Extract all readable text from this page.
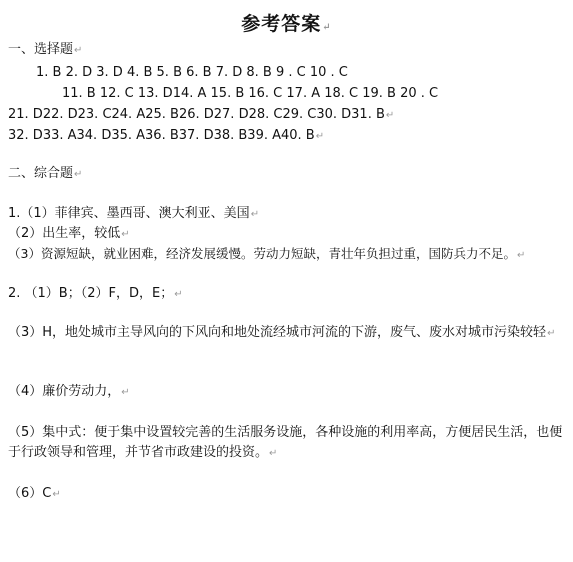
参考答案↵
一、选择题↵
1. B 2. D 3. D 4. B 5. B 6. B 7. D 8. B 9 . C 10 . C
11. B 12. C 13. D14. A 15. B 16. C 17. A 18. C 19. B 20 . C
21. D22. D23. C24. A25. B26. D27. D28. C29. C30. D31. B↵
32. D33. A34. D35. A36. B37. D38. B39. A40. B↵
二、综合题↵
1.（1）菲律宾、墨西哥、澳大利亚、美国↵
（2）出生率，较低↵
（3）资源短缺，就业困难，经济发展缓慢。劳动力短缺，青壮年负担过重，国防兵力不足。↵
2. （1）B；（2）F，D，E；↵
（3）H，地处城市主导风向的下风向和地处流经城市河流的下游，废气、废水对城市污染较轻↵
（4）廉价劳动力，↵
（5）集中式：便于集中设置较完善的生活服务设施，各种设施的利用率高，方便居民生活，也便于行政领导和管理，并节省市政建设的投资。↵
（6）C↵
